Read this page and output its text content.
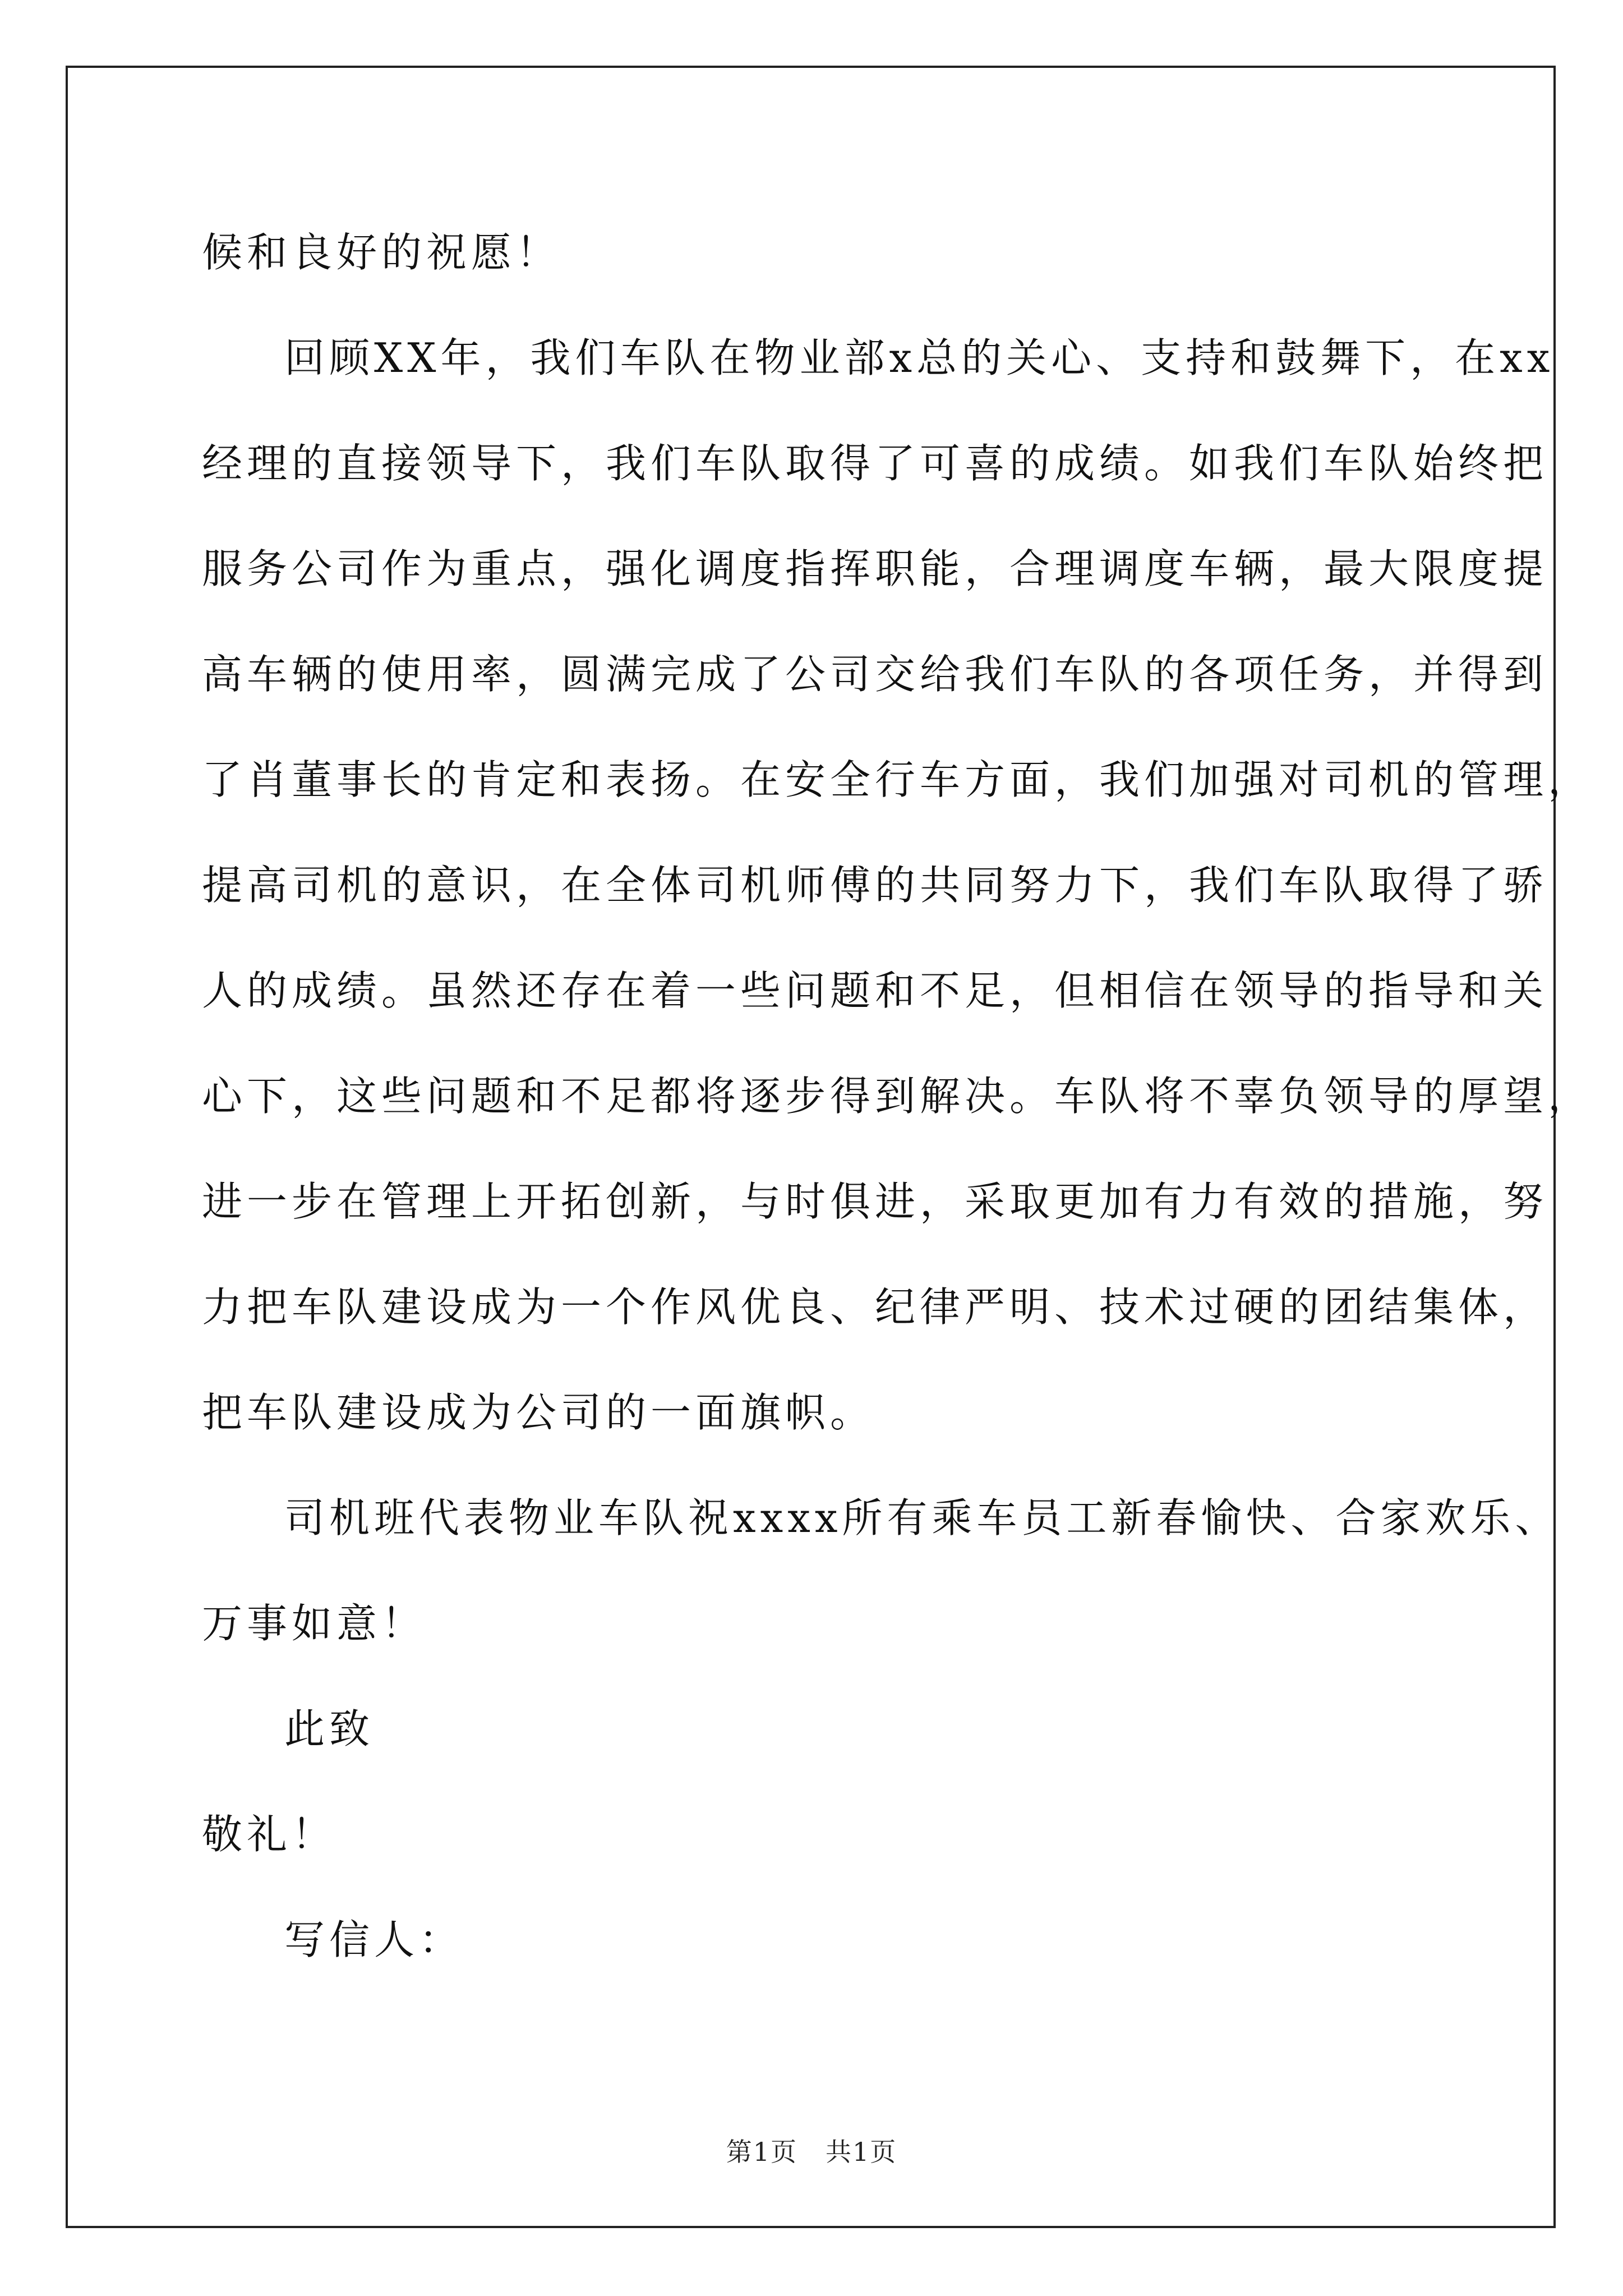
候和良好的祝愿！
回顾XX年，我们车队在物业部x总的关心、支持和鼓舞下，在xx
经理的直接领导下，我们车队取得了可喜的成绩。如我们车队始终把
服务公司作为重点，强化调度指挥职能，合理调度车辆，最大限度提
高车辆的使用率，圆满完成了公司交给我们车队的各项任务，并得到
了肖董事长的肯定和表扬。在安全行车方面，我们加强对司机的管理，
提高司机的意识，在全体司机师傅的共同努力下，我们车队取得了骄
人的成绩。虽然还存在着一些问题和不足，但相信在领导的指导和关
心下，这些问题和不足都将逐步得到解决。车队将不辜负领导的厚望，
进一步在管理上开拓创新，与时俱进，采取更加有力有效的措施，努
力把车队建设成为一个作风优良、纪律严明、技术过硬的团结集体，
把车队建设成为公司的一面旗帜。
司机班代表物业车队祝xxxx所有乘车员工新春愉快、合家欢乐、
万事如意！
此致
敬礼！
写信人：
第1页 共1页
